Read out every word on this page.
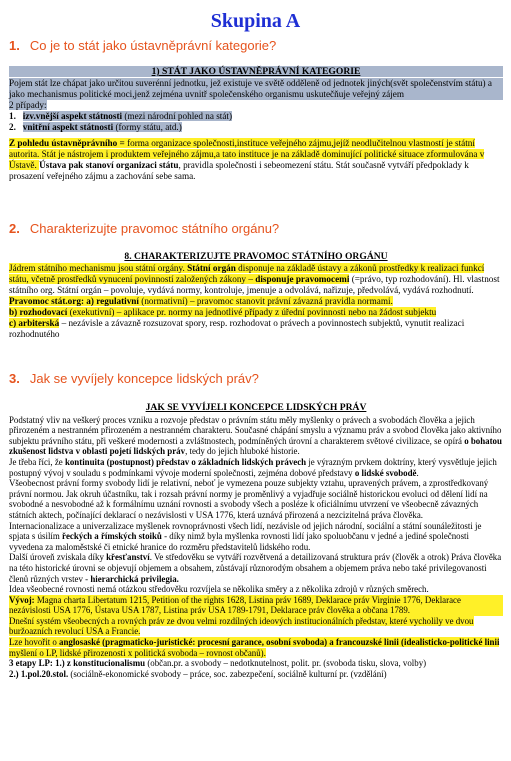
Skupina A
1. Co je to stát jako ústavněprávní kategorie?
1) STÁT JAKO ÚSTAVNĚPRÁVNÍ KATEGORIE
Pojem stát lze chápat jako určitou suverénní jednotku, jež existuje ve světě odděleně od jednotek jiných(svět společenstvím státu) a jako mechanismus politické moci,jenž zejména uvnitř společenského organismu uskutečňuje veřejný zájem
2 případy:
1. izv.vnější aspekt státnosti (mezi národní pohled na stát)
2. vnitřní aspekt státnosti (formy státu, atd.)
Z pohledu ústavněprávního = forma organizace společnosti,instituce veřejného zájmu,jejíž neodlučitelnou vlastností je státní autorita. Stát je nástrojem i produktem veřejného zájmu,a tato instituce je na základě dominující politické situace zformulována v Ústavě. Ústava pak stanoví organizaci státu, pravidla společnosti i sebeomezení státu. Stát současně vytváří předpoklady k prosazení veřejného zájmu a zachování sebe sama.
2. Charakterizujte pravomoc státního orgánu?
8. CHARAKTERIZUJTE PRAVOMOC STÁTNÍHO ORGÁNU
Jádrem státního mechanismu jsou státní orgány. Státní orgán disponuje na základě ústavy a zákonů prostředky k realizaci funkcí státu, včetně prostředků vynucení povinností založených zákony – disponuje pravomocemi (=právo, typ rozhodování). Hl. vlastnost státního org. Státní orgán – povoluje, vydává normy, kontroluje, jmenuje a odvolává, nařizuje, předvolává, vydává rozhodnutí.
Pravomoc stát.org: a) regulativní (normativní) – pravomoc stanovit právní závazná pravidla normami.
b) rozhodovací (exekutivní) – aplikace pr. normy na jednotlivé případy z úřední povinnosti nebo na žádost subjektu
c) arbiterská – nezávisle a závazně rozsuzovat spory, resp. rozhodovat o právech a povinnostech subjektů, vynutit realizaci rozhodnutého
3. Jak se vyvíjely koncepce lidských práv?
JAK SE VYVÍJELI KONCEPCE LIDSKÝCH PRÁV
Podstatný vliv na veškerý proces vzniku a rozvoje představ o právním státu měly myšlenky o právech a svobodách člověka a jejich přirozeném a nestranném přirozeném a nestranném charakteru. Současné chápání smyslu a významu práv a svobod člověka jako aktivního subjektu právního státu, při veškeré modernosti a zvláštnostech, podmíněných úrovní a charakterem světové civilizace, se opírá o bohatou zkušenost lidstva v oblasti pojetí lidských práv, tedy do jejich hluboké historie.
Je třeba říci, že kontinuita (postupnost) představ o základních lidských právech je výrazným prvkem doktríny, který vysvětluje jejich postupný vývoj v souladu s podmínkami vývoje moderní společnosti, zejména dobové představy o lidské svobodě.
Všeobecnost právní formy svobody lidí je relativní, neboť je vymezena pouze subjekty vztahu, upravených právem, a zprostředkovaný právní normou. Jak okruh účastníku, tak i rozsah právní normy je proměnlivý a vyjadřuje sociálně historickou evoluci od dělení lidí na svobodné a nesvobodné až k formálnímu uznání rovnosti a svobody všech a posléze k oficiálnímu utvrzení ve všeobecně závazných státních aktech, počínající deklarací o nezávislosti v USA 1776, která uznává přirozená a nezcizitelná práva člověka.
Internacionalizace a univerzalizace myšlenek rovnoprávnosti všech lidí, nezávisle od jejich národní, sociální a státní sounáležitosti je spjata s úsilím řeckých a římských stoiků - díky nimž byla myšlenka rovnosti lidí jako spoluobčanu v jedné a jediné společnosti vyvedena za maloměstské či etnické hranice do rozměru představitelů lidského rodu.
Další úroveň zviskala díky křesťanství. Ve středověku se vytváří rozvětvená a detailizovaná struktura práv (člověk a otrok) Práva člověka na této historické úrovni se objevují objemem a obsahem, zůstávají různorodým obsahem a objemem práva nebo také privilegovanosti členů různých vrstev - hierarchická privilegia.
Idea všeobecné rovnosti nemá otázkou středověku rozvíjela se několika směry a z několika zdrojů v různých směrech.
Vývoj: Magna charta Libertatum 1215, Petition of the rights 1628, Listina práv 1689, Deklarace práv Virginie 1776, Deklarace nezávislosti USA 1776, Ústava USA 1787, Listina práv USA 1789-1791, Deklarace práv člověka a občana 1789.
Dnešní systém všeobecných a rovných práv ze dvou velmi rozdílných ideových institucionálních představ, které vycholily ve dvou buržoazních revolucí USA a Francie.
Lze hovořit o anglosaské (pragmaticko-juristické: procesní garance, osobní svoboda) a francouzské linii (idealisticko-politické linii myšlení o LP, lidské přirozenosti x politická svoboda – rovnost občanů).
3 etapy LP: 1.) z konstitucionalismu (občan.pr. a svobody – nedotknutelnost, polit. pr. (svoboda tisku, slova, volby)
2.) 1.pol.20.stol. (sociálně-ekonomické svobody – práce, soc. zabezpečení, sociálně kulturní pr. (vzdělání)
